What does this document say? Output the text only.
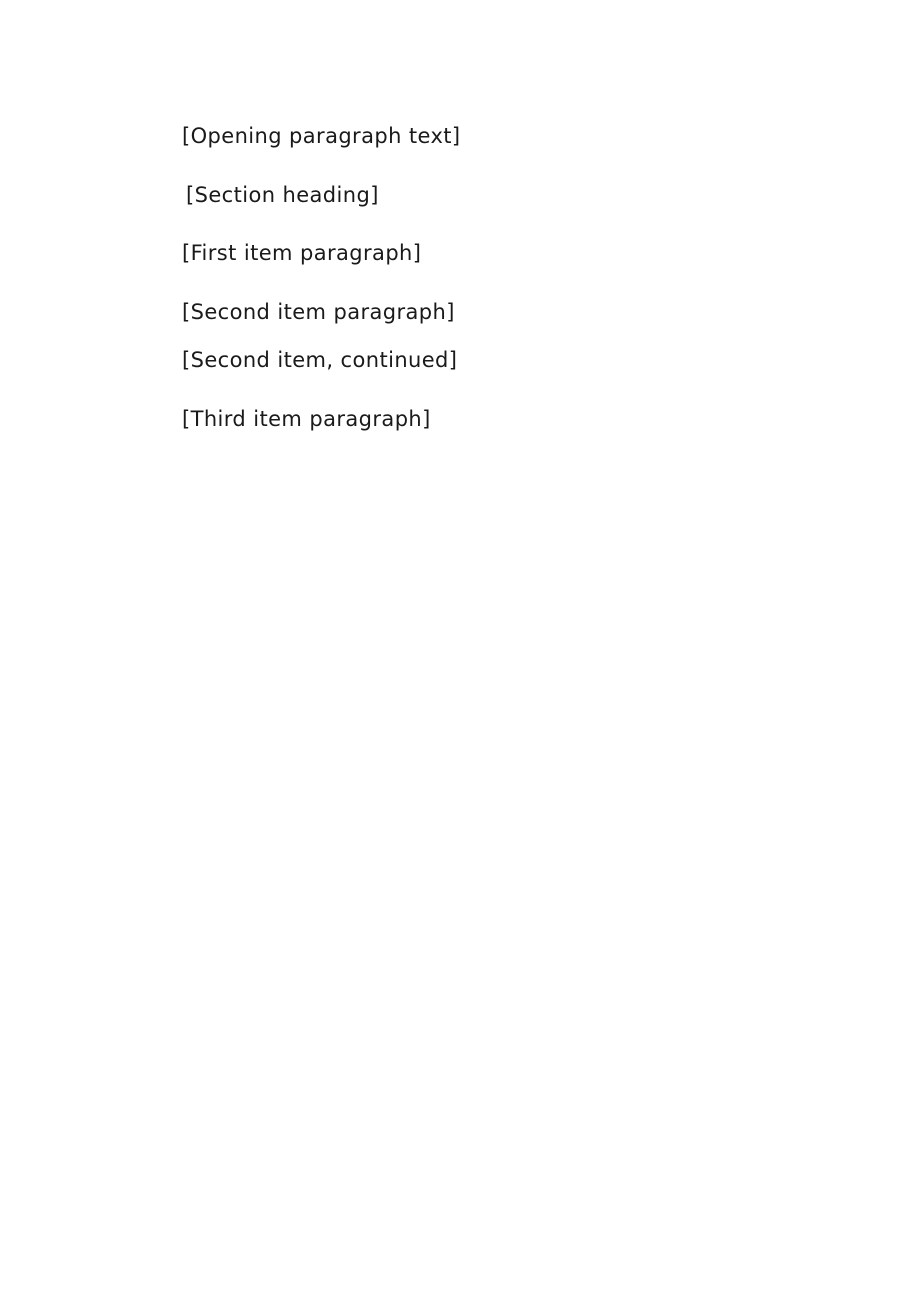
[Opening paragraph text]

[Section heading]

[First item paragraph]

[Second item paragraph]
[Second item, continued]

[Third item paragraph]
